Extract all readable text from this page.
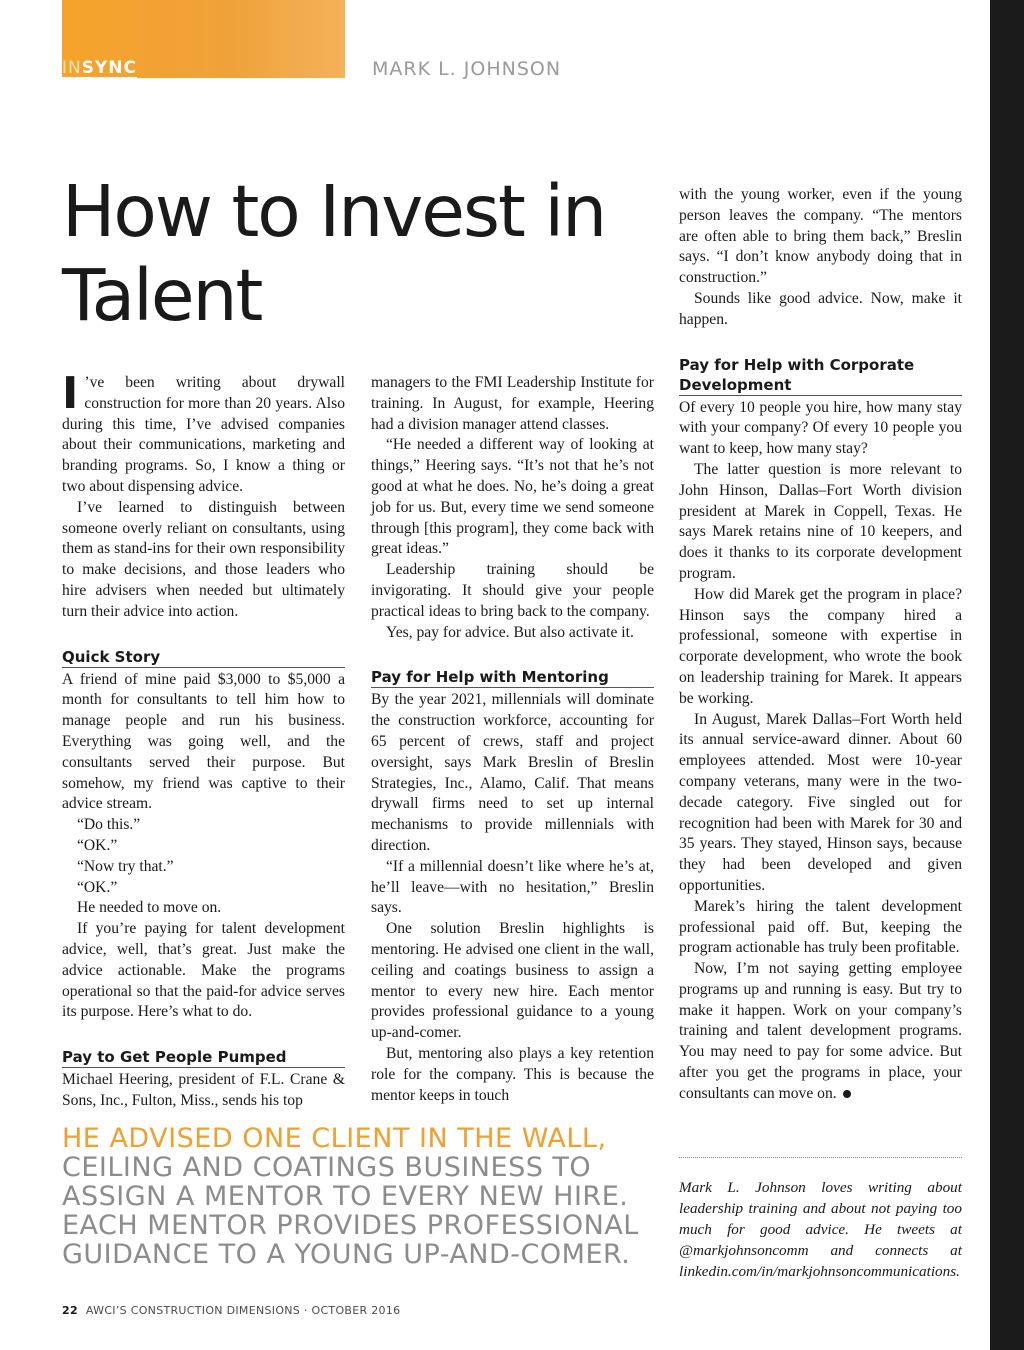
INSYNC	MARK L. JOHNSON
How to Invest in Talent

I ’ve been writing about drywall construction for more than 20 years. Also during this time, I’ve advised companies about their communications, marketing and branding programs. So, I know a thing or two about dispensing advice.

I’ve learned to distinguish between someone overly reliant on consultants, using them as stand-ins for their own responsibility to make decisions, and those leaders who hire advisers when needed but ultimately turn their advice into action.

Quick Story

A friend of mine paid $3,000 to $5,000 a month for consultants to tell him how to manage people and run his business. Everything was going well, and the consultants served their purpose. But somehow, my friend was captive to their advice stream.

“Do this.”

“OK.”

“Now try that.”

“OK.”

He needed to move on.

If you’re paying for talent development advice, well, that’s great. Just make the advice actionable. Make the programs operational so that the paid-for advice serves its purpose. Here’s what to do.

Pay to Get People Pumped

Michael Heering, president of F.L. Crane & Sons, Inc., Fulton, Miss., sends his top

managers to the FMI Leadership Institute for training. In August, for example, Heering had a division manager attend classes.

“He needed a different way of looking at things,” Heering says. “It’s not that he’s not good at what he does. No, he’s doing a great job for us. But, every time we send someone through [this program], they come back with great ideas.”

Leadership training should be invigorating. It should give your people practical ideas to bring back to the company.

Yes, pay for advice. But also activate it.

Pay for Help with Mentoring

By the year 2021, millennials will dominate the construction workforce, accounting for 65 percent of crews, staff and project oversight, says Mark Breslin of Breslin Strategies, Inc., Alamo, Calif. That means drywall firms need to set up internal mechanisms to provide millennials with direction.

“If a millennial doesn’t like where he’s at, he’ll leave—with no hesitation,” Breslin says.

One solution Breslin highlights is mentoring. He advised one client in the wall, ceiling and coatings business to assign a mentor to every new hire. Each mentor provides professional guidance to a young up-and-comer.

But, mentoring also plays a key retention role for the company. This is because the mentor keeps in touch

with the young worker, even if the young person leaves the company. “The mentors are often able to bring them back,” Breslin says. “I don’t know anybody doing that in construction.”

Sounds like good advice. Now, make it happen.

Pay for Help with Corporate Development

Of every 10 people you hire, how many stay with your company? Of every 10 people you want to keep, how many stay?

The latter question is more relevant to John Hinson, Dallas–Fort Worth division president at Marek in Coppell, Texas. He says Marek retains nine of 10 keepers, and does it thanks to its corporate development program.

How did Marek get the program in place? Hinson says the company hired a professional, someone with expertise in corporate development, who wrote the book on leadership training for Marek. It appears be working.

In August, Marek Dallas–Fort Worth held its annual service-award dinner. About 60 employees attended. Most were 10-year company veterans, many were in the two-decade category. Five singled out for recognition had been with Marek for 30 and 35 years. They stayed, Hinson says, because they had been developed and given opportunities.

Marek’s hiring the talent development professional paid off. But, keeping the program actionable has truly been profitable.

Now, I’m not saying getting employee programs up and running is easy. But try to make it happen. Work on your company’s training and talent development programs. You may need to pay for some advice. But after you get the programs in place, your consultants can move on.

HE ADVISED ONE CLIENT IN THE WALL, CEILING AND COATINGS BUSINESS TO ASSIGN A MENTOR TO EVERY NEW HIRE. EACH MENTOR PROVIDES PROFESSIONAL GUIDANCE TO A YOUNG UP-AND-COMER.

Mark L. Johnson loves writing about leadership training and about not paying too much for good advice. He tweets at @markjohnsoncomm and connects at linkedin.com/in/markjohnsoncommunications.

22 AWCI’S CONSTRUCTION DIMENSIONS · OCTOBER 2016
